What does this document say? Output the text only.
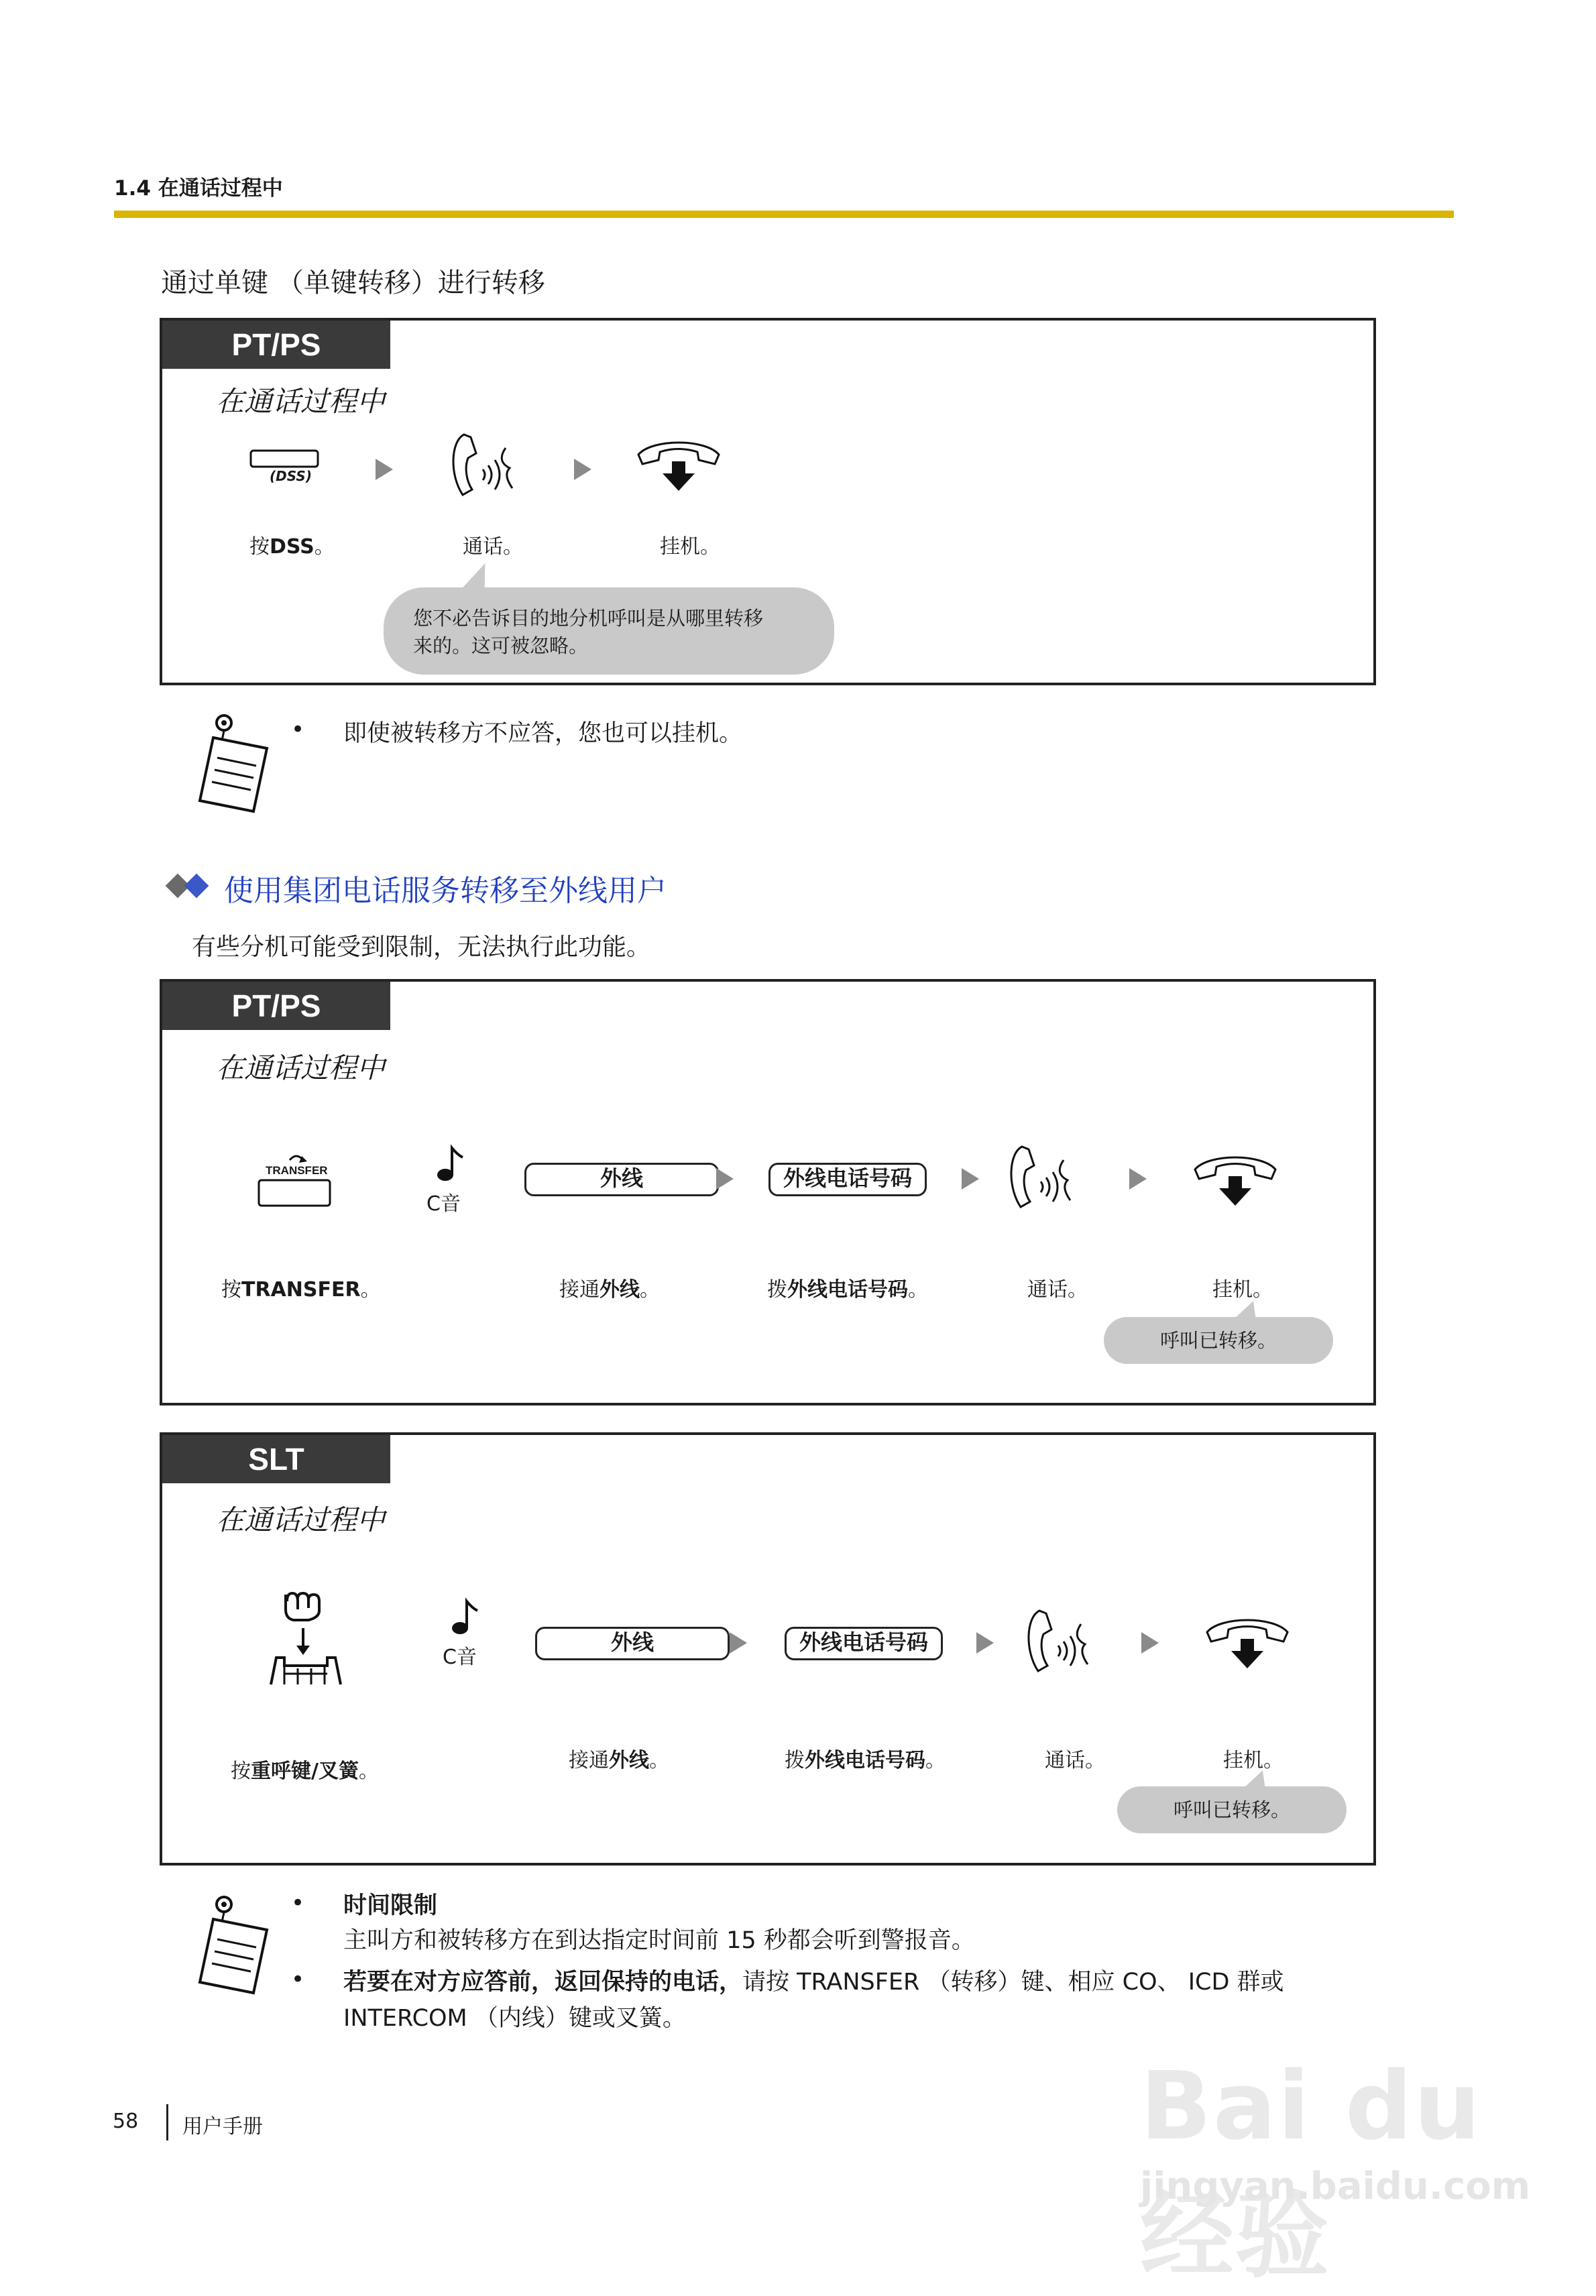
1.4 在通话过程中
通过单键 （单键转移）进行转移
PT/PS
在通话过程中
(DSS)
按DSS。	通话。	挂机。
您不必告诉目的地分机呼叫是从哪里转移
来的。这可被忽略。
• 即使被转移方不应答，您也可以挂机。
使用集团电话服务转移至外线用户
有些分机可能受到限制，无法执行此功能。
PT/PS
在通话过程中
TRANSFER
C音
外线	外线电话号码
按TRANSFER。	接通外线。	拨外线电话号码。	通话。	挂机。
呼叫已转移。
SLT
在通话过程中
C音
外线	外线电话号码
按重呼键/叉簧。	接通外线。	拨外线电话号码。	通话。	挂机。
呼叫已转移。
• 时间限制
主叫方和被转移方在到达指定时间前 15 秒都会听到警报音。
• 若要在对方应答前，返回保持的电话，请按 TRANSFER （转移）键、相应 CO、 ICD 群或
INTERCOM （内线）键或叉簧。
58 用户手册	Bai du 经验
jingyan.baidu.com
